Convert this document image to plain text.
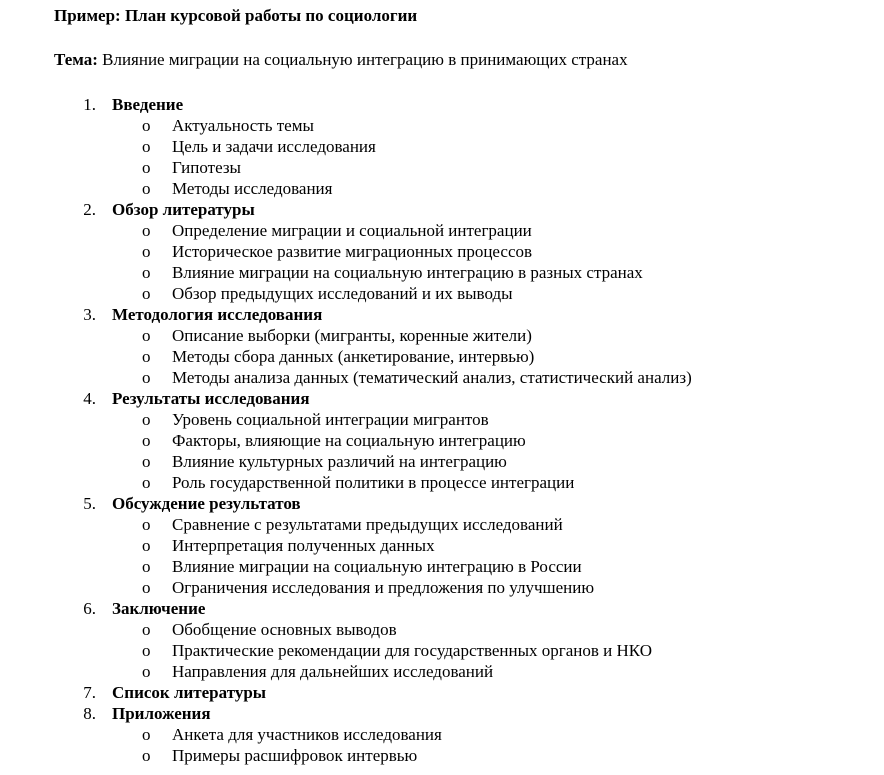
Пример: План курсовой работы по социологии
Тема: Влияние миграции на социальную интеграцию в принимающих странах
1. Введение
o Актуальность темы
o Цель и задачи исследования
o Гипотезы
o Методы исследования
2. Обзор литературы
o Определение миграции и социальной интеграции
o Историческое развитие миграционных процессов
o Влияние миграции на социальную интеграцию в разных странах
o Обзор предыдущих исследований и их выводы
3. Методология исследования
o Описание выборки (мигранты, коренные жители)
o Методы сбора данных (анкетирование, интервью)
o Методы анализа данных (тематический анализ, статистический анализ)
4. Результаты исследования
o Уровень социальной интеграции мигрантов
o Факторы, влияющие на социальную интеграцию
o Влияние культурных различий на интеграцию
o Роль государственной политики в процессе интеграции
5. Обсуждение результатов
o Сравнение с результатами предыдущих исследований
o Интерпретация полученных данных
o Влияние миграции на социальную интеграцию в России
o Ограничения исследования и предложения по улучшению
6. Заключение
o Обобщение основных выводов
o Практические рекомендации для государственных органов и НКО
o Направления для дальнейших исследований
7. Список литературы
8. Приложения
o Анкета для участников исследования
o Примеры расшифровок интервью
